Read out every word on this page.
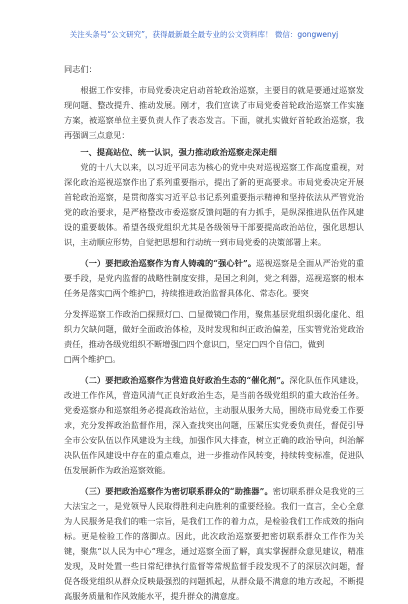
关注头条号“公文研究”，获得最新最全最专业的公文资料库！ 微信：gongwenyj

同志们：

根据工作安排，市局党委决定启动首轮政治巡察，主要目的就是要通过巡察发现问题、整改提升、推动发展。刚才，我们宣读了市局党委首轮政治巡察工作实施方案，被巡察单位主要负责人作了表态发言。下面，就扎实做好首轮政治巡察，我再强调三点意见：

一、提高站位、统一认识，强力推动政治巡察走深走细

党的十八大以来，以习近平同志为核心的党中央对巡视巡察工作高度重视，对深化政治巡视巡察作出了系列重要指示，提出了新的更高要求。市局党委决定开展首轮政治巡察，是贯彻落实习近平总书记系列重要指示精神和坚持依法从严管党治党的政治要求，是严格整改市委巡察反馈问题的有力抓手，是纵深推进队伍作风建设的重要载体。希望各级党组织尤其是各级领导干部要提高政治站位，强化思想认识，主动顺应形势，自觉把思想和行动统一到市局党委的决策部署上来。

（一）要把政治巡察作为育人铸魂的“强心针”。巡视巡察是全面从严治党的重要手段，是党内监督的战略性制度安排，是国之利剑，党之利器，巡视巡察的根本任务是落实□两个维护□，持续推进政治监督具体化、常态化。要突

分发挥巡察工作政治□探照灯□、□显微镜□作用，聚焦基层党组织弱化虚化、组织力欠缺问题，做好全面政治体检，及时发现和纠正政治偏差，压实管党治党政治责任，推动各级党组织不断增强□四个意识□，坚定□四个自信□，做到

□两个维护□。

（二）要把政治巡察作为营造良好政治生态的“催化剂”。深化队伍作风建设，改进工作作风，营造风清气正良好政治生态，是当前各级党组织的重大政治任务。党委巡察办和巡察组务必提高政治站位，主动服从服务大局，围绕市局党委工作要求，充分发挥政治监督作用，深入查找突出问题，压紧压实党委负责任，督促引导全市公安队伍以作风建设为主线，加强作风大排查，树立正确的政治导向，纠治解决队伍作风建设中存在的重点难点，进一步推动作风转变，持续转变标准，促进队伍发展新作为政治巡察效能。

（三）要把政治巡察作为密切联系群众的“助推器”。密切联系群众是我党的三大法宝之一，是党领导人民取得胜利走向胜利的重要经验。我们一直言，全心全意为人民服务是我们的唯一宗旨，是我们工作的着力点，是检验我们工作成效的指向标。更是检验工作的落脚点。因此，此次政治巡察要把密切联系群众工作作为关键，聚焦“以人民为中心”理念，通过巡察全面了解，真实掌握群众意见建议，精准发现，及时处置一些日常纪律执行监督等常规监督手段发现不了的深层次问题，督促各级党组织从群众反映最强烈的问题抓起，从群众最不满意的地方改起，不断提高服务质量和作风效能水平，提升群众的满意度。
